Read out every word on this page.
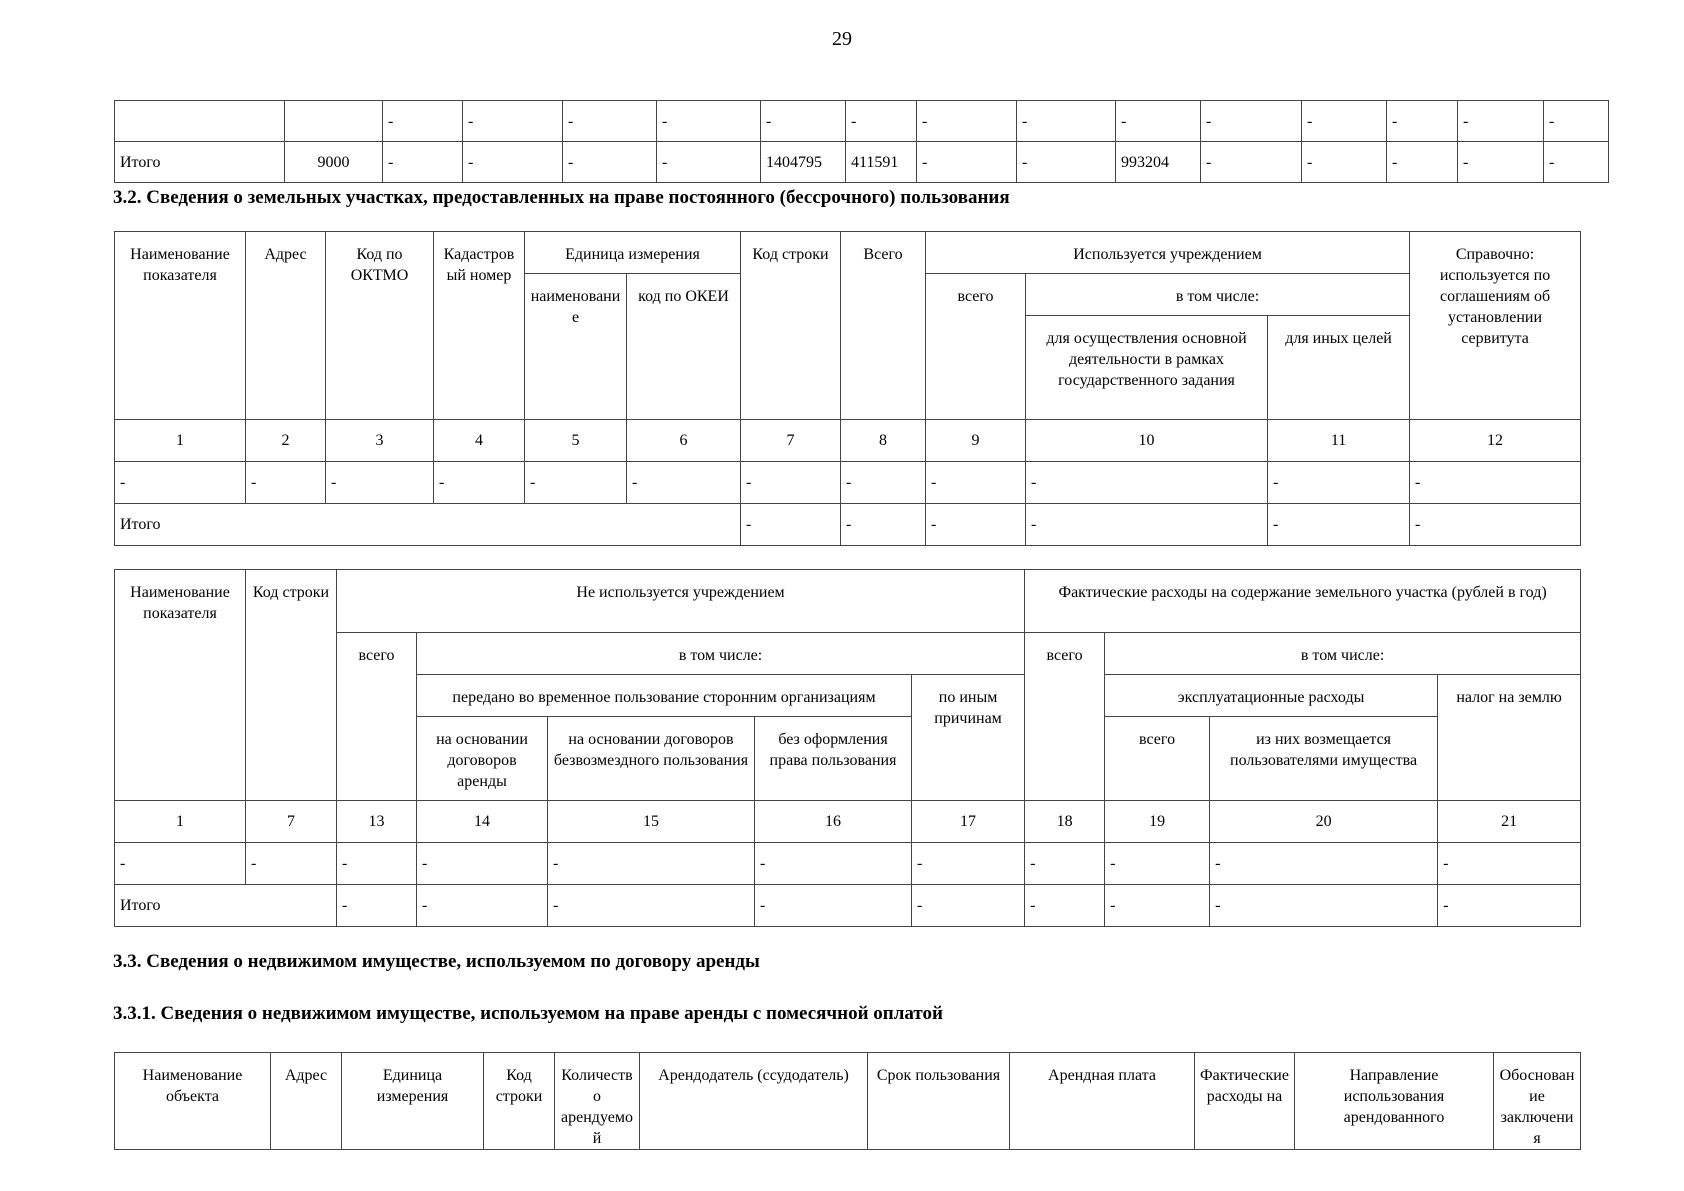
29
		-	-	-	-	-	-	-	-	-	-	-	-	-	-
Итого	9000	-	-	-	-	1404795	411591	-	-	993204	-	-	-	-	-
3.2. Сведения о земельных участках, предоставленных на праве постоянного (бессрочного) пользования
Наименование показателя	Адрес	Код по ОКТМО	Кадастровый номер	Единица измерения		Код строки	Всего	Используется учреждением			Справочно: используется по соглашениям об установлении сервитута
				наименование	код по ОКЕИ			всего	в том числе:		
									для осуществления основной деятельности в рамках государственного задания	для иных целей	
1	2	3	4	5	6	7	8	9	10	11	12
-	-	-	-	-	-	-	-	-	-	-	-
Итого						-	-	-	-	-	-
Наименование показателя	Код строки	Не используется учреждением					Фактические расходы на содержание земельного участка (рублей в год)			
		всего	в том числе:				всего	в том числе:		
			передано во временное пользование сторонним организациям			по иным причинам		эксплуатационные расходы		налог на землю
			на основании договоров аренды	на основании договоров безвозмездного пользования	без оформления права пользования			всего	из них возмещается пользователями имущества	
1	7	13	14	15	16	17	18	19	20	21
-	-	-	-	-	-	-	-	-	-	-
Итого		-	-	-	-	-	-	-	-	-
3.3. Сведения о недвижимом имуществе, используемом по договору аренды
3.3.1. Сведения о недвижимом имуществе, используемом на праве аренды с помесячной оплатой
Наименование объекта	Адрес	Единица измерения	Код строки	Количество арендуемой	Арендодатель (ссудодатель)	Срок пользования	Арендная плата	Фактические расходы на	Направление использования арендованного	Обоснование заключения
